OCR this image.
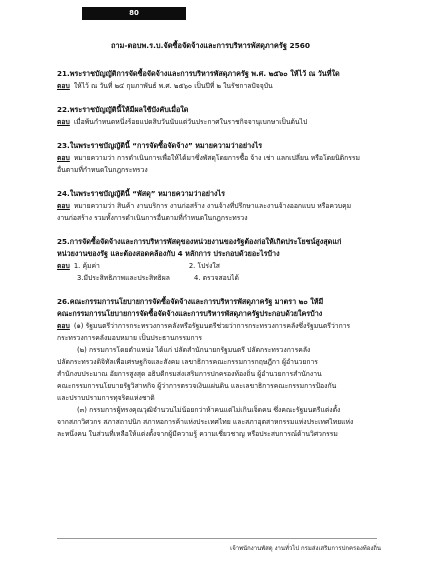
80
ถาม-ตอบพ.ร.บ.จัดซื้อจัดจ้างและการบริหารพัสดุภาครัฐ 2560
21.พระราชบัญญัติการจัดซื้อจัดจ้างและการบริหารพัสดุภาครัฐ พ.ศ. ๒๕๖๐ ให้ไว้ ณ วันที่ใด
ตอบ ให้ไว้ ณ วันที่ ๒๔ กุมภาพันธ์ พ.ศ. ๒๕๖๐ เป็นปีที่ ๒ ในรัชกาลปัจจุบัน
22.พระราชบัญญัตินี้ให้มีผลใช้บังคับเมื่อใด
ตอบ เมื่อพ้นกำหนดหนึ่งร้อยแปดสิบวันนับแต่วันประกาศในราชกิจจานุเบกษาเป็นต้นไป
23.ในพระราชบัญญัตินี้ “การจัดซื้อจัดจ้าง” หมายความว่าอย่างไร
ตอบ หมายความว่า การดำเนินการเพื่อให้ได้มาซึ่งพัสดุโดยการซื้อ จ้าง เช่า แลกเปลี่ยน หรือโดยนิติกรรม
อื่นตามที่กำหนดในกฎกระทรวง
24.ในพระราชบัญญัตินี้ “พัสดุ” หมายความว่าอย่างไร
ตอบ หมายความว่า สินค้า งานบริการ งานก่อสร้าง งานจ้างที่ปรึกษาและงานจ้างออกแบบ หรือควบคุม
งานก่อสร้าง รวมทั้งการดำเนินการอื่นตามที่กำหนดในกฎกระทรวง
25.การจัดซื้อจัดจ้างและการบริหารพัสดุของหน่วยงานของรัฐต้องก่อให้เกิดประโยชน์สูงสุดแก่
หน่วยงานของรัฐ และต้องสอดคล้องกับ 4 หลักการ ประกอบด้วยอะไรบ้าง
ตอบ 1. คุ้มค่า	2. โปร่งใส
3.มีประสิทธิภาพและประสิทธิผล	4. ตรวจสอบได้
26.คณะกรรมการนโยบายการจัดซื้อจัดจ้างและการบริหารพัสดุภาครัฐ มาตรา ๒๐ ให้มี
คณะกรรมการนโยบายการจัดซื้อจัดจ้างและการบริหารพัสดุภาครัฐประกอบด้วยใครบ้าง
ตอบ (๑) รัฐมนตรีว่าการกระทรวงการคลังหรือรัฐมนตรีช่วยว่าการกระทรวงการคลังซึ่งรัฐมนตรีว่าการ
กระทรวงการคลังมอบหมาย เป็นประธานกรรมการ
(๒) กรรมการโดยตำแหน่ง ได้แก่ ปลัดสำนักนายกรัฐมนตรี ปลัดกระทรวงการคลัง
ปลัดกระทรวงดิจิทัลเพื่อเศรษฐกิจและสังคม เลขาธิการคณะกรรมการกฤษฎีกา ผู้อำนวยการ
สำนักงบประมาณ อัยการสูงสุด อธิบดีกรมส่งเสริมการปกครองท้องถิ่น ผู้อำนวยการสำนักงาน
คณะกรรมการนโยบายรัฐวิสาหกิจ ผู้ว่าการตรวจเงินแผ่นดิน และเลขาธิการคณะกรรมการป้องกัน
และปราบปรามการทุจริตแห่งชาติ
(๓) กรรมการผู้ทรงคุณวุฒิจำนวนไม่น้อยกว่าห้าคนแต่ไม่เกินเจ็ดคน ซึ่งคณะรัฐมนตรีแต่งตั้ง
จากสภาวิศวกร สภาสถาปนิก สภาหอการค้าแห่งประเทศไทย และสภาอุตสาหกรรมแห่งประเทศไทยแห่ง
ละหนึ่งคน ในส่วนที่เหลือให้แต่งตั้งจากผู้มีความรู้ ความเชี่ยวชาญ หรือประสบการณ์ด้านวิศวกรรม
เจ้าพนักงานพัสดุ งานทั่วไป กรมส่งเสริมการปกครองท้องถิ่น
